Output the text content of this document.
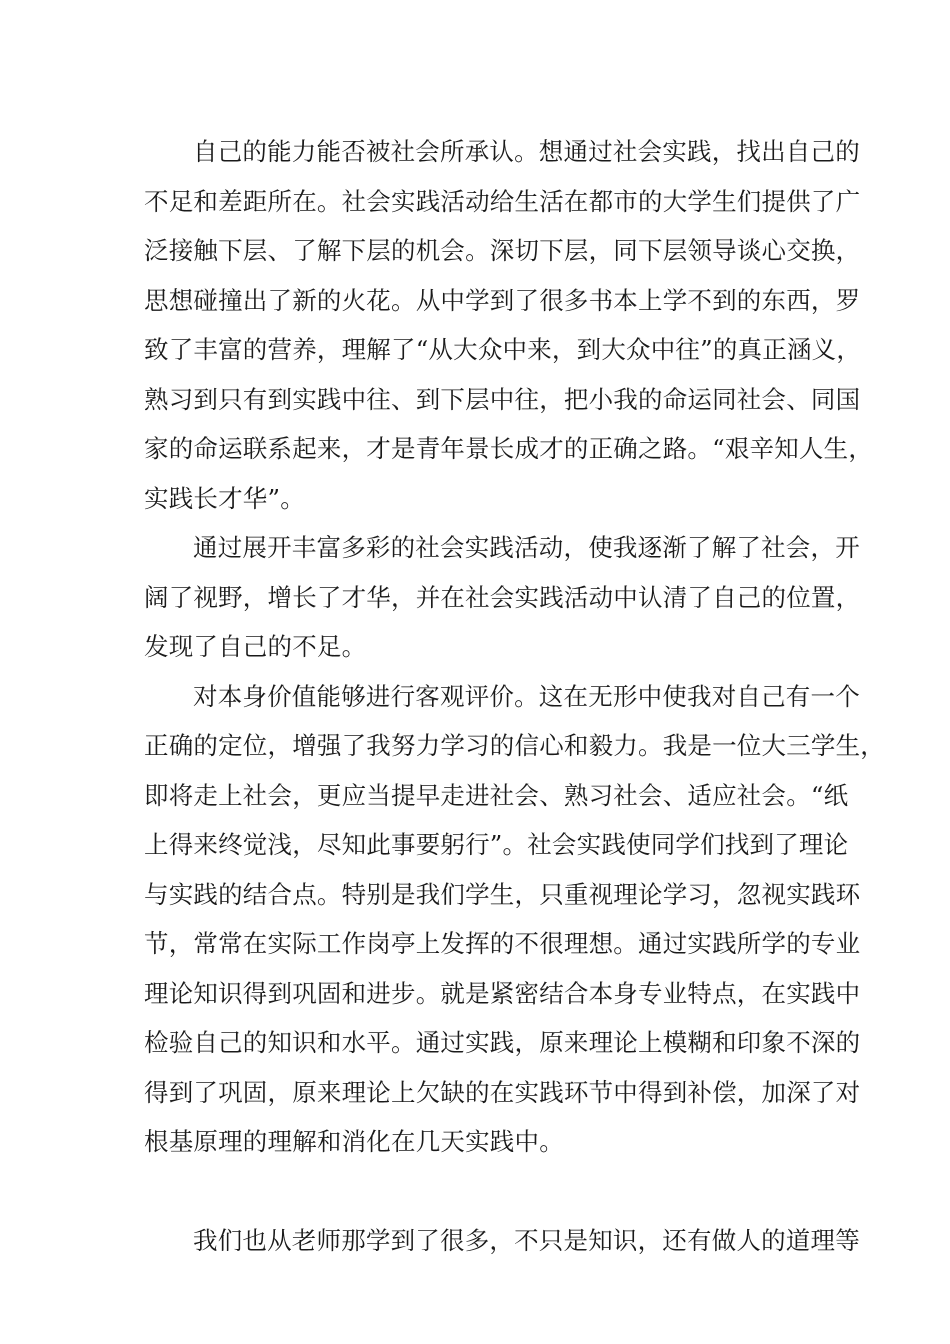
自己的能力能否被社会所承认。想通过社会实践，找出自己的
不足和差距所在。社会实践活动给生活在都市的大学生们提供了广
泛接触下层、了解下层的机会。深切下层，同下层领导谈心交换，
思想碰撞出了新的火花。从中学到了很多书本上学不到的东西，罗
致了丰富的营养，理解了“从大众中来，到大众中往”的真正涵义，
熟习到只有到实践中往、到下层中往，把小我的命运同社会、同国
家的命运联系起来，才是青年景长成才的正确之路。“艰辛知人生，
实践长才华”。
通过展开丰富多彩的社会实践活动，使我逐渐了解了社会，开
阔了视野，增长了才华，并在社会实践活动中认清了自己的位置，
发现了自己的不足。
对本身价值能够进行客观评价。这在无形中使我对自己有一个
正确的定位，增强了我努力学习的信心和毅力。我是一位大三学生，
即将走上社会，更应当提早走进社会、熟习社会、适应社会。“纸
上得来终觉浅，尽知此事要躬行”。社会实践使同学们找到了理论
与实践的结合点。特别是我们学生，只重视理论学习，忽视实践环
节，常常在实际工作岗亭上发挥的不很理想。通过实践所学的专业
理论知识得到巩固和进步。就是紧密结合本身专业特点，在实践中
检验自己的知识和水平。通过实践，原来理论上模糊和印象不深的
得到了巩固，原来理论上欠缺的在实践环节中得到补偿，加深了对
根基原理的理解和消化在几天实践中。
我们也从老师那学到了很多，不只是知识，还有做人的道理等
